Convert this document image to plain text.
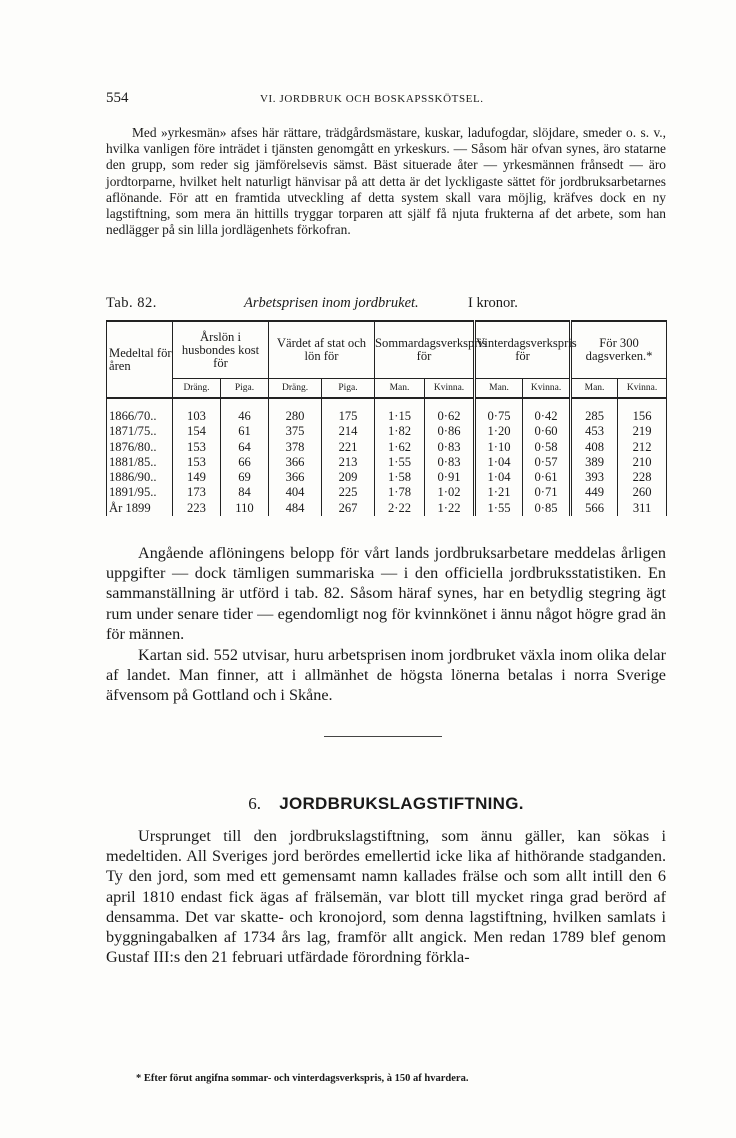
554	VI. JORDBRUK OCH BOSKAPSSKÖTSEL.

Med »yrkesmän» afses här rättare, trädgårdsmästare, kuskar, ladufogdar, slöjdare, smeder o. s. v., hvilka vanligen före inträdet i tjänsten genomgått en yrkeskurs. — Såsom här ofvan synes, äro statarne den grupp, som reder sig jämförelsevis sämst. Bäst situerade åter — yrkesmännen frånsedt — äro jordtorparne, hvilket helt naturligt hänvisar på att detta är det lyckligaste sättet för jordbruksarbetarnes aflönande. För att en framtida utveckling af detta system skall vara möjlig, kräfves dock en ny lagstiftning, som mera än hittills tryggar torparen att själf få njuta frukterna af det arbete, som han nedlägger på sin lilla jordlägenhets förkofran.

Tab. 82.	Arbetsprisen inom jordbruket.	I kronor.
Medeltal för åren	Årslön i husbondes kost för		Värdet af stat och lön för		Sommardagsverkspris för		Vinterdagsverkspris för		För 300 dagsverken.*	
	Dräng.	Piga.	Dräng.	Piga.	Man.	Kvinna.	Man.	Kvinna.	Man.	Kvinna.
1866/70..	103	46	280	175	1·15	0·62	0·75	0·42	285	156
1871/75..	154	61	375	214	1·82	0·86	1·20	0·60	453	219
1876/80..	153	64	378	221	1·62	0·83	1·10	0·58	408	212
1881/85..	153	66	366	213	1·55	0·83	1·04	0·57	389	210
1886/90..	149	69	366	209	1·58	0·91	1·04	0·61	393	228
1891/95..	173	84	404	225	1·78	1·02	1·21	0·71	449	260
År 1899	223	110	484	267	2·22	1·22	1·55	0·85	566	311

Angående aflöningens belopp för vårt lands jordbruksarbetare meddelas årligen uppgifter — dock tämligen summariska — i den officiella jordbruksstatistiken. En sammanställning är utförd i tab. 82. Såsom häraf synes, har en betydlig stegring ägt rum under senare tider — egendomligt nog för kvinnkönet i ännu något högre grad än för männen.

Kartan sid. 552 utvisar, huru arbetsprisen inom jordbruket växla inom olika delar af landet. Man finner, att i allmänhet de högsta lönerna betalas i norra Sverige äfvensom på Gottland och i Skåne.

6. JORDBRUKSLAGSTIFTNING.

Ursprunget till den jordbrukslagstiftning, som ännu gäller, kan sökas i medeltiden. All Sveriges jord berördes emellertid icke lika af hithörande stadganden. Ty den jord, som med ett gemensamt namn kallades frälse och som allt intill den 6 april 1810 endast fick ägas af frälsemän, var blott till mycket ringa grad berörd af densamma. Det var skatte- och kronojord, som denna lagstiftning, hvilken samlats i byggningabalken af 1734 års lag, framför allt angick. Men redan 1789 blef genom Gustaf III:s den 21 februari utfärdade förordning förkla-

* Efter förut angifna sommar- och vinterdagsverkspris, à 150 af hvardera.
